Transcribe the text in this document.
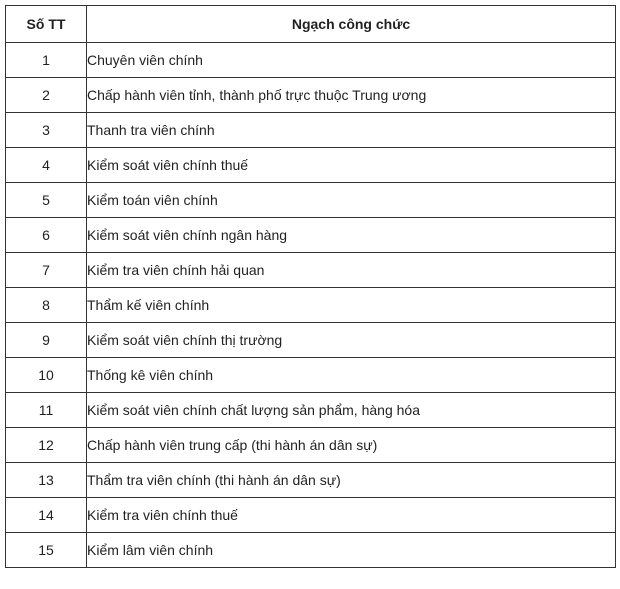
Số TT	Ngạch công chức
1	Chuyên viên chính
2	Chấp hành viên tỉnh, thành phố trực thuộc Trung ương
3	Thanh tra viên chính
4	Kiểm soát viên chính thuế
5	Kiểm toán viên chính
6	Kiểm soát viên chính ngân hàng
7	Kiểm tra viên chính hải quan
8	Thẩm kế viên chính
9	Kiểm soát viên chính thị trường
10	Thống kê viên chính
11	Kiểm soát viên chính chất lượng sản phẩm, hàng hóa
12	Chấp hành viên trung cấp (thi hành án dân sự)
13	Thẩm tra viên chính (thi hành án dân sự)
14	Kiểm tra viên chính thuế
15	Kiểm lâm viên chính
